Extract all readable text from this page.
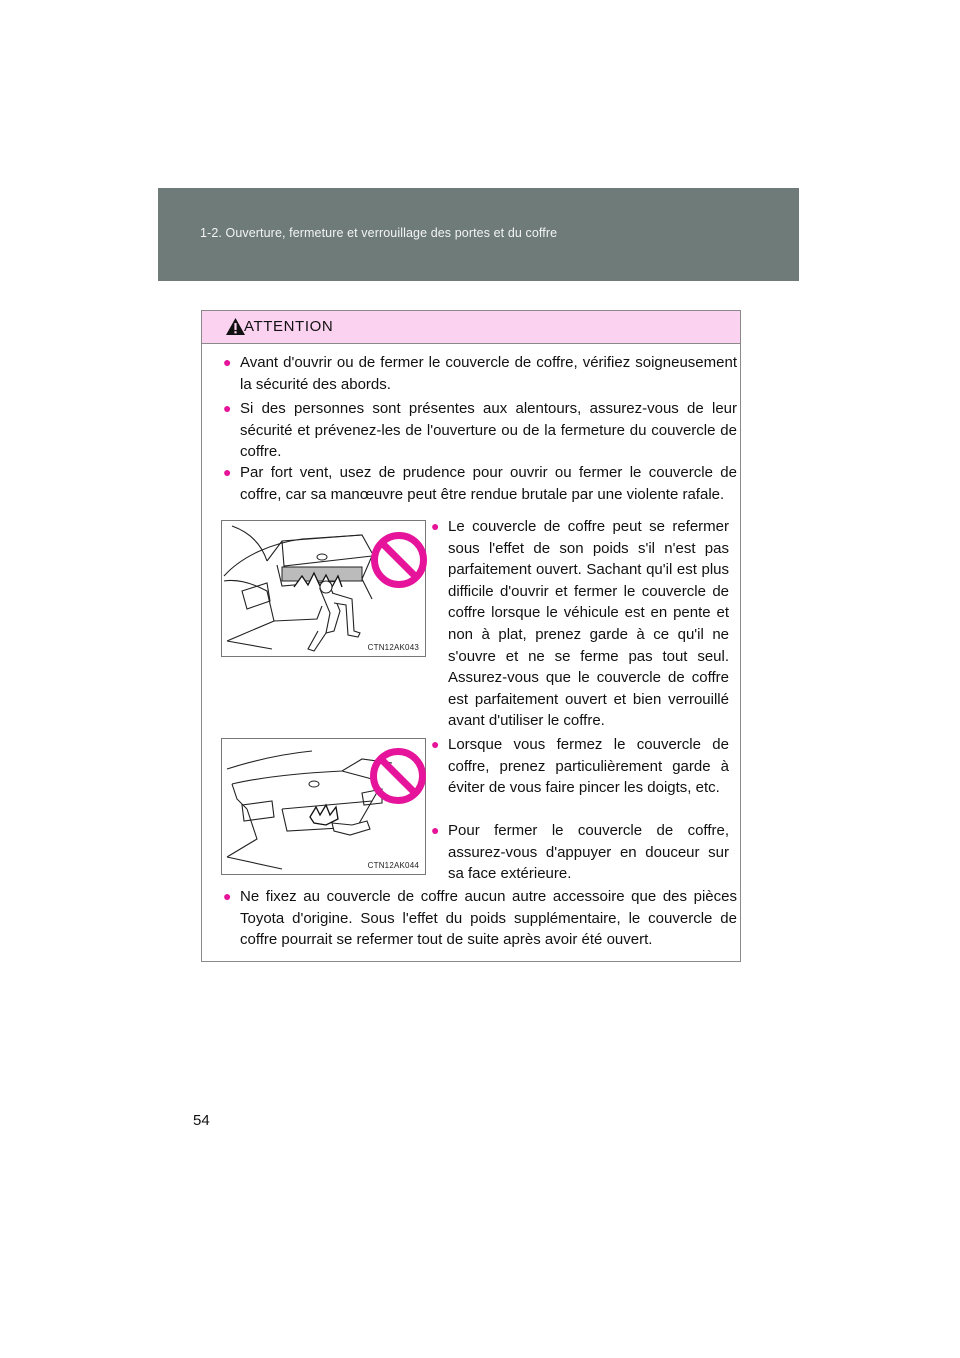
1-2. Ouverture, fermeture et verrouillage des portes et du coffre
ATTENTION
● Avant d'ouvrir ou de fermer le couvercle de coffre, vérifiez soigneusement la sécurité des abords.
● Si des personnes sont présentes aux alentours, assurez-vous de leur sécurité et prévenez-les de l'ouverture ou de la fermeture du couvercle de coffre.
● Par fort vent, usez de prudence pour ouvrir ou fermer le couvercle de coffre, car sa manœuvre peut être rendue brutale par une violente rafale.
CTN12AK043
● Le couvercle de coffre peut se refermer sous l'effet de son poids s'il n'est pas parfaitement ouvert. Sachant qu'il est plus difficile d'ouvrir et fermer le couvercle de coffre lorsque le véhicule est en pente et non à plat, prenez garde à ce qu'il ne s'ouvre et ne se ferme pas tout seul. Assurez-vous que le couvercle de coffre est parfaitement ouvert et bien verrouillé avant d'utiliser le coffre.
CTN12AK044
● Lorsque vous fermez le couvercle de coffre, prenez particulièrement garde à éviter de vous faire pincer les doigts, etc.
● Pour fermer le couvercle de coffre, assurez-vous d'appuyer en douceur sur sa face extérieure.
● Ne fixez au couvercle de coffre aucun autre accessoire que des pièces Toyota d'origine. Sous l'effet du poids supplémentaire, le couvercle de coffre pourrait se refermer tout de suite après avoir été ouvert.
54
